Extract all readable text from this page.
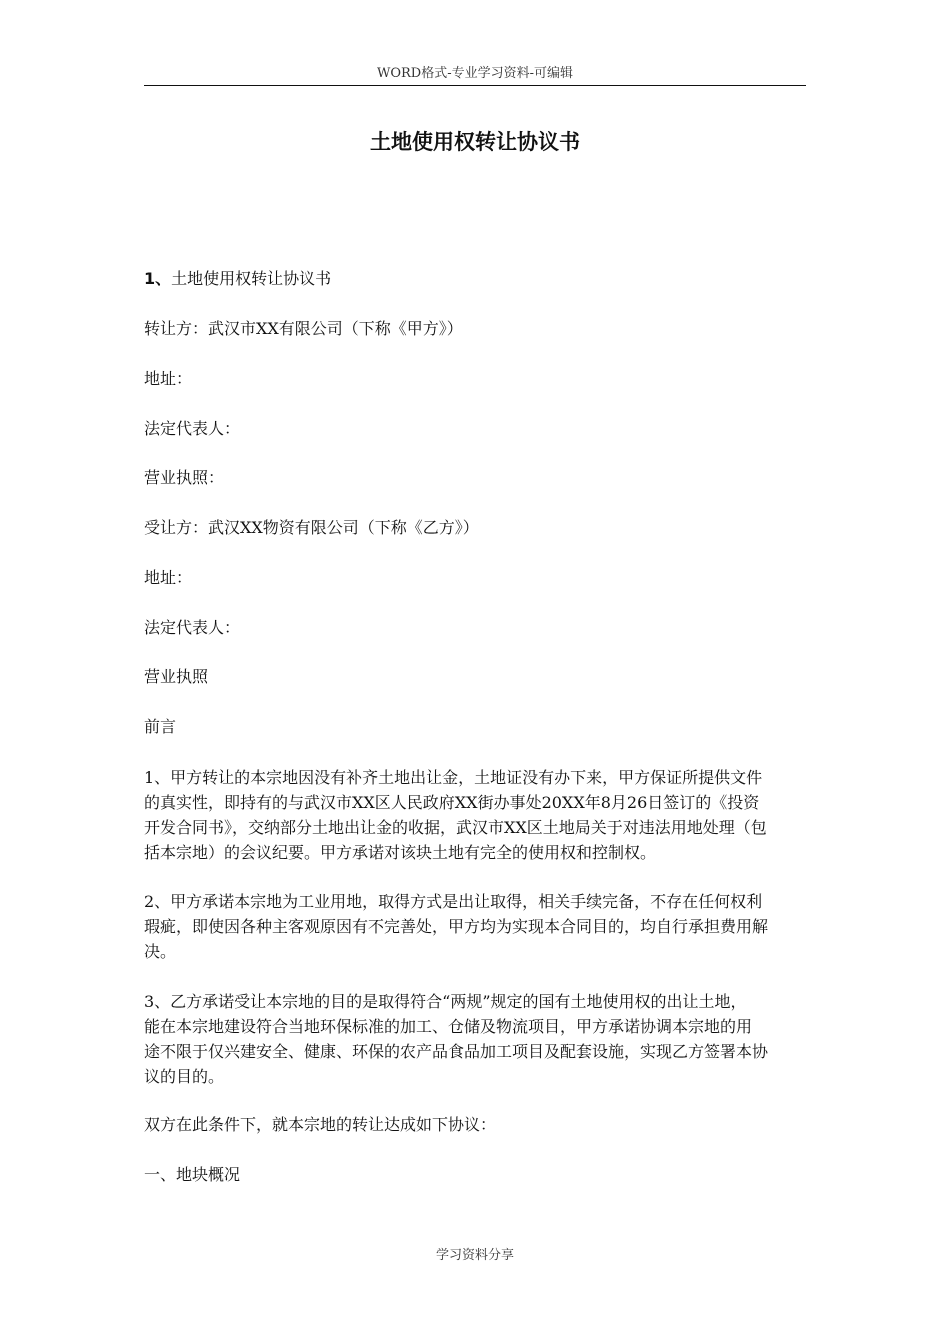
WORD格式-专业学习资料-可编辑
土地使用权转让协议书
1、土地使用权转让协议书
转让方：武汉市XX有限公司（下称《甲方》）
地址：
法定代表人：
营业执照：
受让方：武汉XX物资有限公司（下称《乙方》）
地址：
法定代表人：
营业执照
前言
1、甲方转让的本宗地因没有补齐土地出让金，土地证没有办下来，甲方保证所提供文件
的真实性，即持有的与武汉市XX区人民政府XX街办事处20XX年8月26日签订的《投资
开发合同书》，交纳部分土地出让金的收据，武汉市XX区土地局关于对违法用地处理（包
括本宗地）的会议纪要。甲方承诺对该块土地有完全的使用权和控制权。
2、甲方承诺本宗地为工业用地，取得方式是出让取得，相关手续完备，不存在任何权利
瑕疵，即使因各种主客观原因有不完善处，甲方均为实现本合同目的，均自行承担费用解
决。
3、乙方承诺受让本宗地的目的是取得符合“两规”规定的国有土地使用权的出让土地，
能在本宗地建设符合当地环保标准的加工、仓储及物流项目，甲方承诺协调本宗地的用
途不限于仅兴建安全、健康、环保的农产品食品加工项目及配套设施，实现乙方签署本协
议的目的。
双方在此条件下，就本宗地的转让达成如下协议：
一、地块概况
学习资料分享
